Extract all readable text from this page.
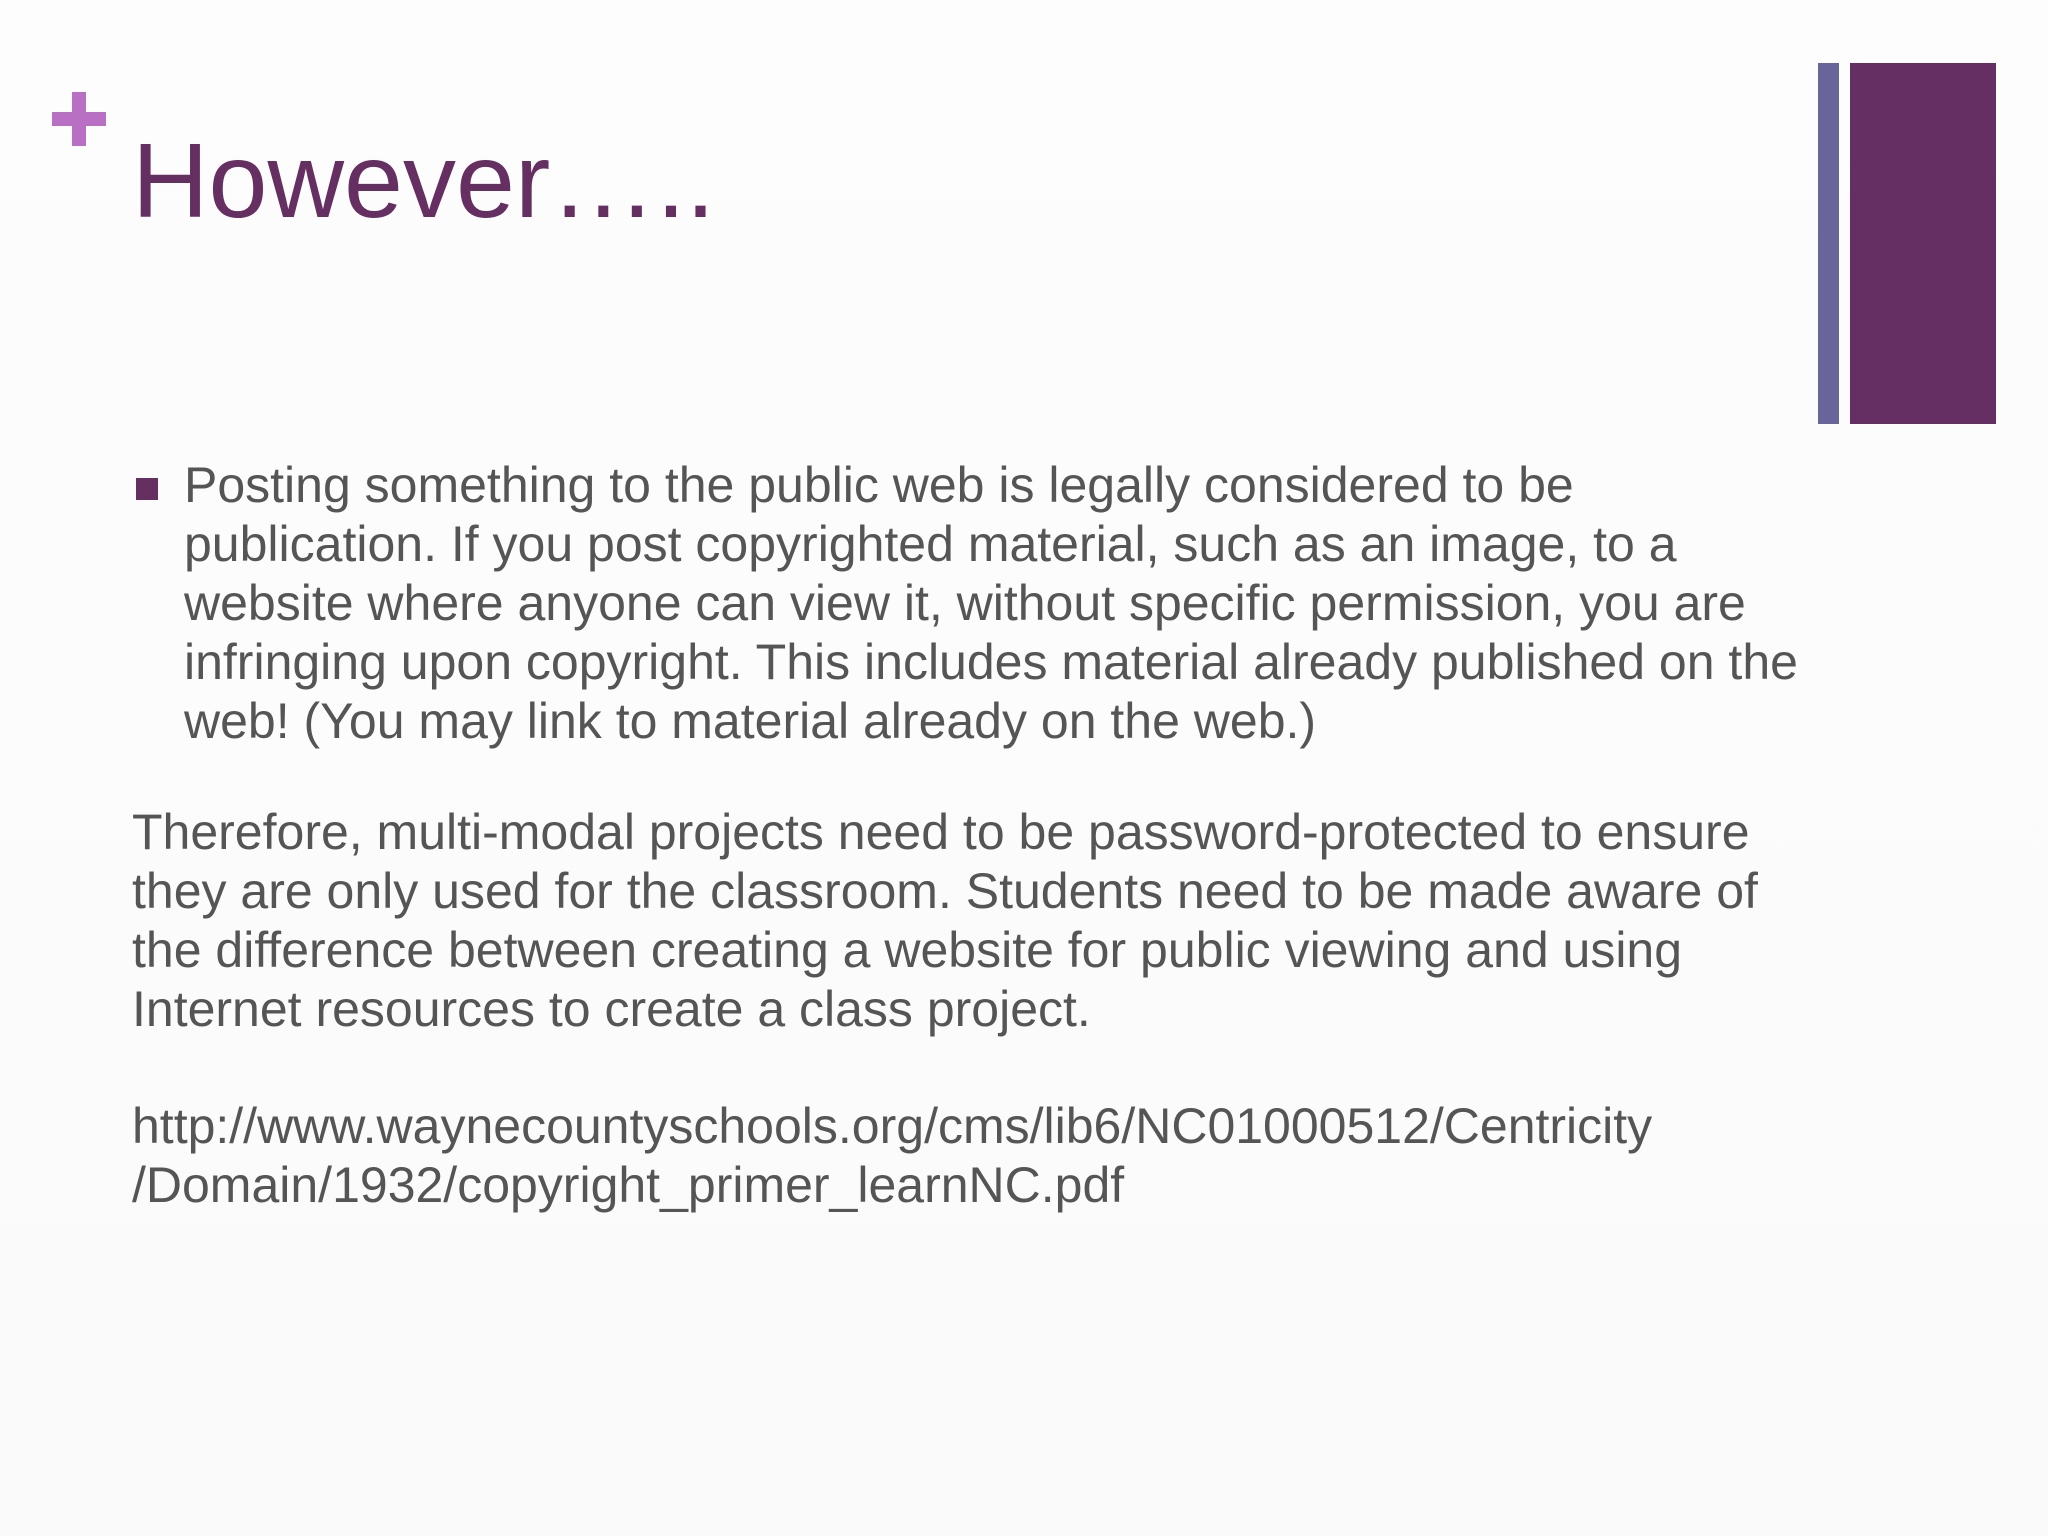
However…..

Posting something to the public web is legally considered to be publication. If you post copyrighted material, such as an image, to a website where anyone can view it, without specific permission, you are infringing upon copyright. This includes material already published on the web! (You may link to material already on the web.)

Therefore, multi-modal projects need to be password-protected to ensure they are only used for the classroom. Students need to be made aware of the difference between creating a website for public viewing and using Internet resources to create a class project.

http://www.waynecountyschools.org/cms/lib6/NC01000512/Centricity
/Domain/1932/copyright_primer_learnNC.pdf
